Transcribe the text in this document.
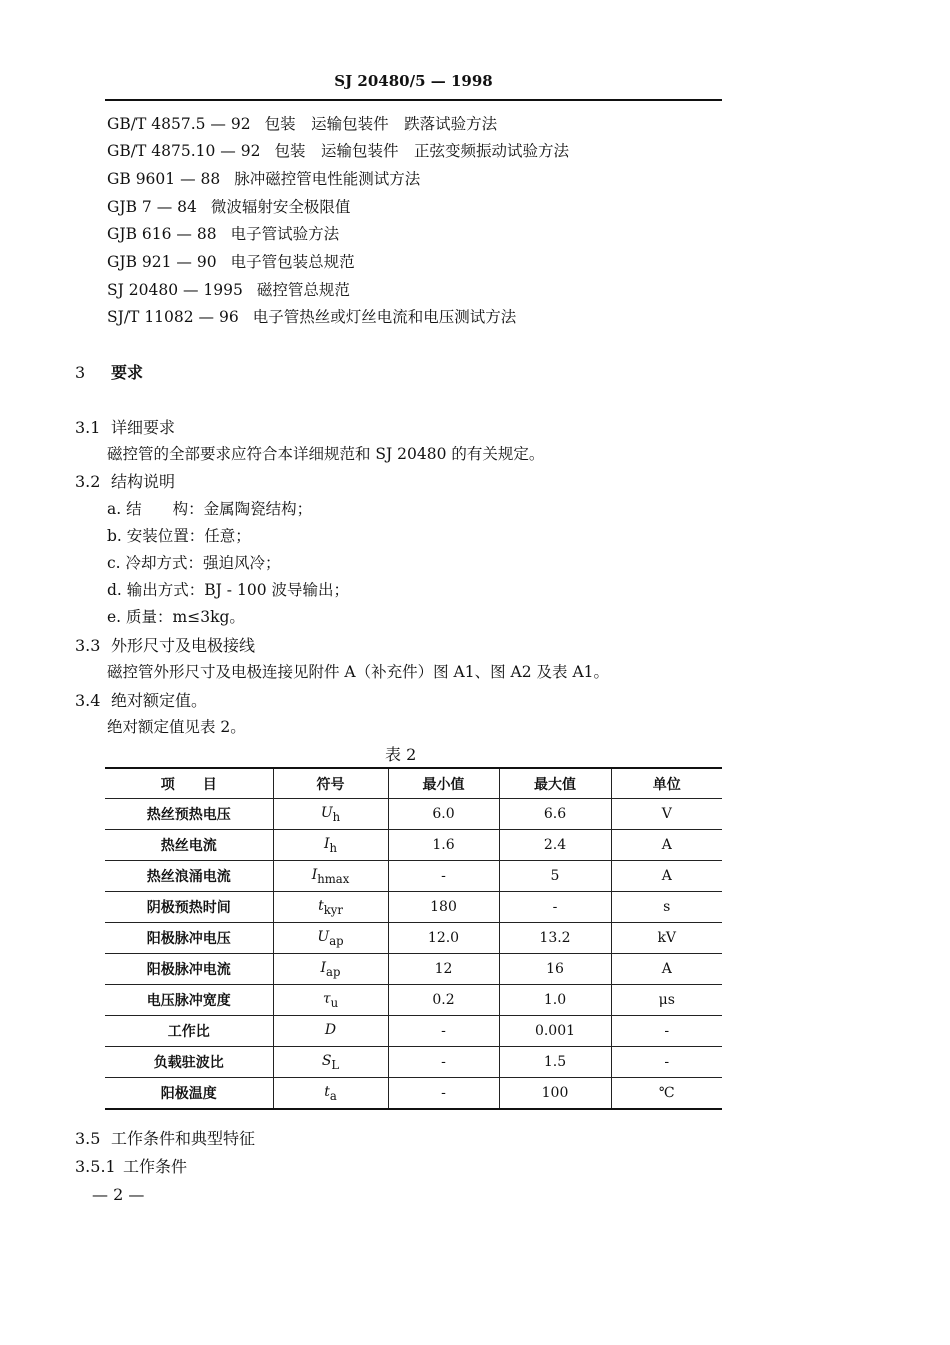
SJ 20480/5 — 1998
GB/T 4857.5 — 92 包装　运输包装件　跌落试验方法
GB/T 4875.10 — 92 包装　运输包装件　正弦变频振动试验方法
GB 9601 — 88 脉冲磁控管电性能测试方法
GJB 7 — 84 微波辐射安全极限值
GJB 616 — 88 电子管试验方法
GJB 921 — 90 电子管包装总规范
SJ 20480 — 1995 磁控管总规范
SJ/T 11082 — 96 电子管热丝或灯丝电流和电压测试方法
3 要求
3.1 详细要求
磁控管的全部要求应符合本详细规范和 SJ 20480 的有关规定。
3.2 结构说明
a. 结　　构：金属陶瓷结构；
b. 安装位置：任意；
c. 冷却方式：强迫风冷；
d. 输出方式：BJ - 100 波导输出；
e. 质量：m≤3kg。
3.3 外形尺寸及电极接线
磁控管外形尺寸及电极连接见附件 A（补充件）图 A1、图 A2 及表 A1。
3.4 绝对额定值。
绝对额定值见表 2。
表 2
项　　目	符号	最小值	最大值	单位
热丝预热电压	$U_h$	6.0	6.6	V
热丝电流	$I_h$	1.6	2.4	A
热丝浪涌电流	$I_{hmax}$	-	5	A
阴极预热时间	$t_{kyr}$	180	-	s
阳极脉冲电压	$U_{ap}$	12.0	13.2	kV
阳极脉冲电流	$I_{ap}$	12	16	A
电压脉冲宽度	$\tau_u$	0.2	1.0	μs
工作比	D	-	0.001	-
负载驻波比	$S_L$	-	1.5	-
阳极温度	$t_a$	-	100	℃
3.5 工作条件和典型特征
3.5.1 工作条件
— 2 —
